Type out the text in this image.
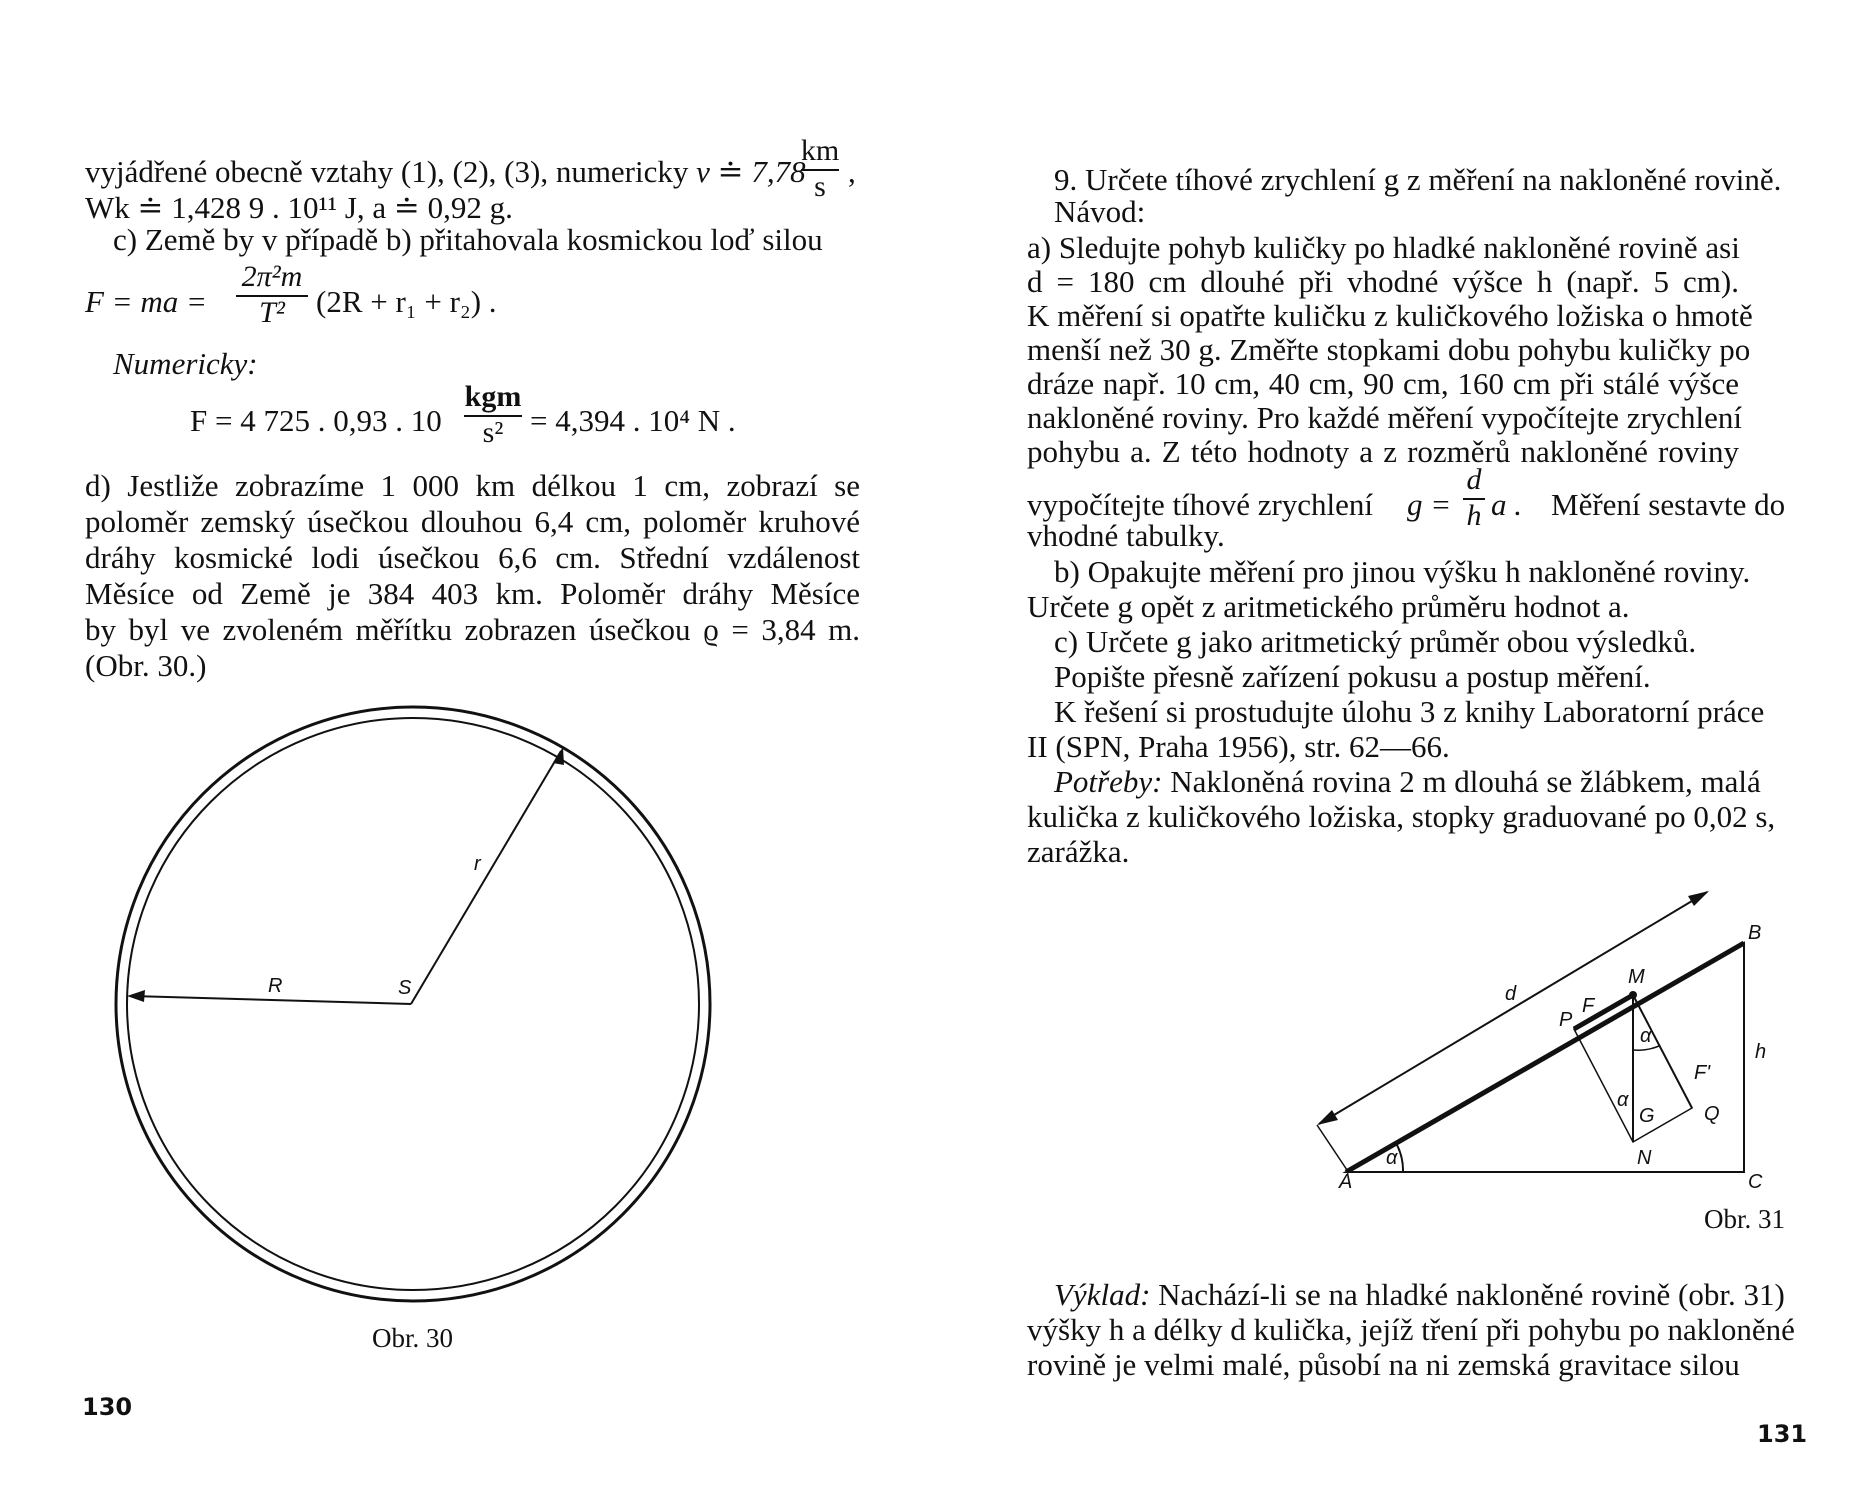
vyjádřené obecně vztahy (1), (2), (3), numericky v ≐ 7,78
km
s ,
Wk ≐ 1,428 9 . 10¹¹ J, a ≐ 0,92 g.
c) Země by v případě b) přitahovala kosmickou loď silou
F = ma =
2π²m
T²	(2R + r₁ + r₂) .
Numericky:
F = 4 725 . 0,93 . 10
kgm
s² = 4,394 . 10⁴ N .
d) Jestliže zobrazíme 1 000 km délkou 1 cm, zobrazí se
poloměr zemský úsečkou dlouhou 6,4 cm, poloměr kruhové
dráhy kosmické lodi úsečkou 6,6 cm. Střední vzdálenost
Měsíce od Země je 384 403 km. Poloměr dráhy Měsíce
by byl ve zvoleném měřítku zobrazen úsečkou ϱ = 3,84 m.
(Obr. 30.)
R	S
r
Obr. 30
130
9. Určete tíhové zrychlení g z měření na nakloněné rovině.
Návod:
a) Sledujte pohyb kuličky po hladké nakloněné rovině asi
d = 180 cm dlouhé při vhodné výšce h (např. 5 cm).
K měření si opatřte kuličku z kuličkového ložiska o hmotě
menší než 30 g. Změřte stopkami dobu pohybu kuličky po
dráze např. 10 cm, 40 cm, 90 cm, 160 cm při stálé výšce
nakloněné roviny. Pro každé měření vypočítejte zrychlení
pohybu a. Z této hodnoty a z rozměrů nakloněné roviny
vypočítejte tíhové zrychlení g =
d
h a . Měření sestavte do
vhodné tabulky.
b) Opakujte měření pro jinou výšku h nakloněné roviny.
Určete g opět z aritmetického průměru hodnot a.
c) Určete g jako aritmetický průměr obou výsledků.
Popište přesně zařízení pokusu a postup měření.
K řešení si prostudujte úlohu 3 z knihy Laboratorní práce
II (SPN, Praha 1956), str. 62—66.
Potřeby: Nakloněná rovina 2 m dlouhá se žlábkem, malá
kulička z kuličkového ložiska, stopky graduované po 0,02 s,
zarážka.
A
B
C
d
h
M
P
F
F'
G
N
Q
α
α
α
Obr. 31
Výklad: Nachází-li se na hladké nakloněné rovině (obr. 31)
výšky h a délky d kulička, jejíž tření při pohybu po nakloněné
rovině je velmi malé, působí na ni zemská gravitace silou
131
